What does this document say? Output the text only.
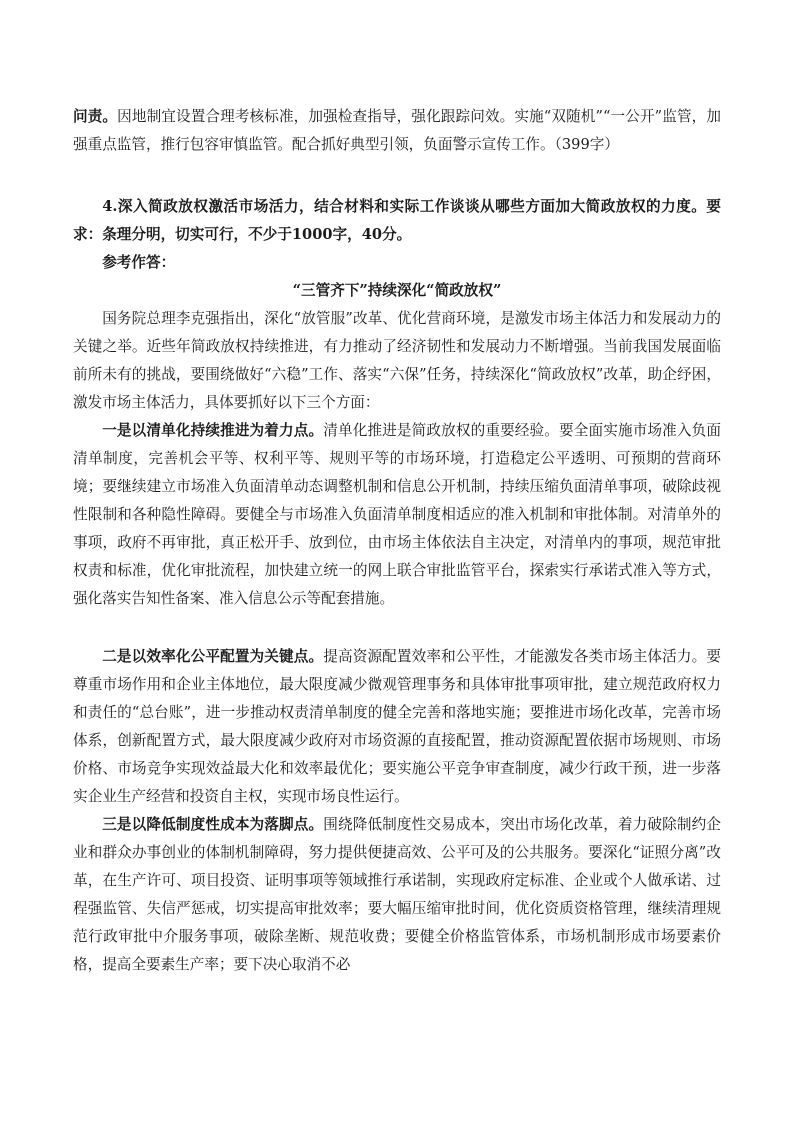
问责。因地制宜设置合理考核标准，加强检查指导，强化跟踪问效。实施“双随机”“一公开”监管，加强重点监管，推行包容审慎监管。配合抓好典型引领，负面警示宣传工作。（399字）

4.深入简政放权激活市场活力，结合材料和实际工作谈谈从哪些方面加大简政放权的力度。要求：条理分明，切实可行，不少于1000字，40分。

参考作答：

“三管齐下”持续深化“简政放权”

国务院总理李克强指出，深化“放管服”改革、优化营商环境，是激发市场主体活力和发展动力的关键之举。近些年简政放权持续推进，有力推动了经济韧性和发展动力不断增强。当前我国发展面临前所未有的挑战，要围绕做好“六稳”工作、落实“六保”任务，持续深化“简政放权”改革，助企纾困，激发市场主体活力，具体要抓好以下三个方面：

一是以清单化持续推进为着力点。清单化推进是简政放权的重要经验。要全面实施市场准入负面清单制度，完善机会平等、权利平等、规则平等的市场环境，打造稳定公平透明、可预期的营商环境；要继续建立市场准入负面清单动态调整机制和信息公开机制，持续压缩负面清单事项，破除歧视性限制和各种隐性障碍。要健全与市场准入负面清单制度相适应的准入机制和审批体制。对清单外的事项，政府不再审批，真正松开手、放到位，由市场主体依法自主决定，对清单内的事项，规范审批权责和标准，优化审批流程，加快建立统一的网上联合审批监管平台，探索实行承诺式准入等方式，强化落实告知性备案、准入信息公示等配套措施。

二是以效率化公平配置为关键点。提高资源配置效率和公平性，才能激发各类市场主体活力。要尊重市场作用和企业主体地位，最大限度减少微观管理事务和具体审批事项审批，建立规范政府权力和责任的“总台账”，进一步推动权责清单制度的健全完善和落地实施；要推进市场化改革，完善市场体系，创新配置方式，最大限度减少政府对市场资源的直接配置，推动资源配置依据市场规则、市场价格、市场竞争实现效益最大化和效率最优化；要实施公平竞争审查制度，减少行政干预，进一步落实企业生产经营和投资自主权，实现市场良性运行。

三是以降低制度性成本为落脚点。围绕降低制度性交易成本，突出市场化改革，着力破除制约企业和群众办事创业的体制机制障碍，努力提供便捷高效、公平可及的公共服务。要深化“证照分离”改革，在生产许可、项目投资、证明事项等领域推行承诺制，实现政府定标准、企业或个人做承诺、过程强监管、失信严惩戒，切实提高审批效率；要大幅压缩审批时间，优化资质资格管理，继续清理规范行政审批中介服务事项，破除垄断、规范收费；要健全价格监管体系，市场机制形成市场要素价格，提高全要素生产率；要下决心取消不必
